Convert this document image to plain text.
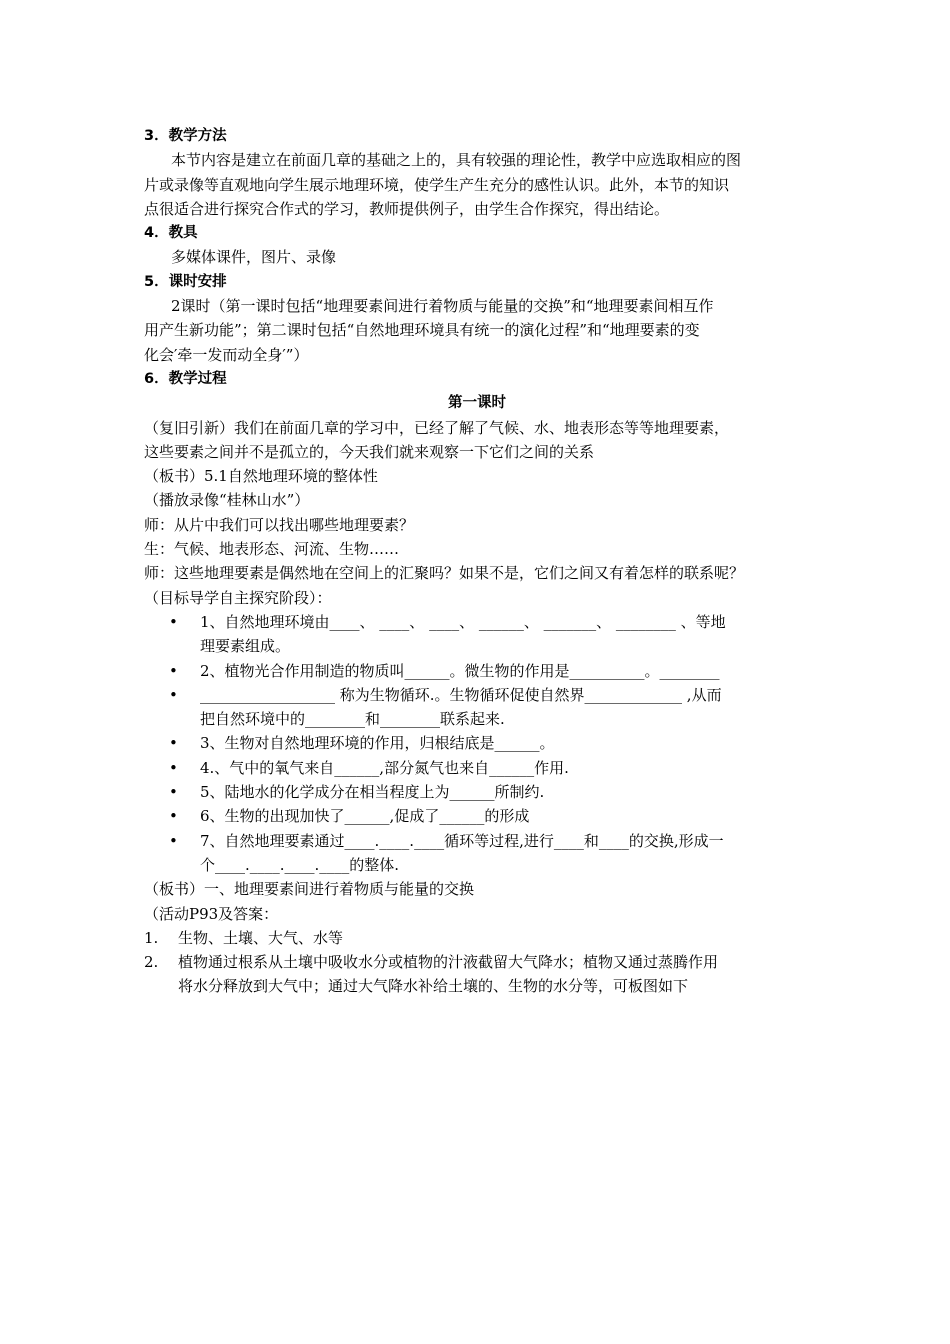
3．教学方法
本节内容是建立在前面几章的基础之上的，具有较强的理论性，教学中应选取相应的图
片或录像等直观地向学生展示地理环境，使学生产生充分的感性认识。此外，本节的知识
点很适合进行探究合作式的学习，教师提供例子，由学生合作探究，得出结论。
4．教具
多媒体课件，图片、录像
5．课时安排
2课时（第一课时包括“地理要素间进行着物质与能量的交换”和“地理要素间相互作
用产生新功能”；第二课时包括“自然地理环境具有统一的演化过程”和“地理要素的变
化会′牵一发而动全身′”）
6．教学过程
第一课时
（复旧引新）我们在前面几章的学习中，已经了解了气候、水、地表形态等等地理要素，
这些要素之间并不是孤立的，今天我们就来观察一下它们之间的关系
（板书）5.1自然地理环境的整体性
（播放录像“桂林山水”）
师：从片中我们可以找出哪些地理要素？
生：气候、地表形态、河流、生物……
师：这些地理要素是偶然地在空间上的汇聚吗？如果不是，它们之间又有着怎样的联系呢？
（目标导学自主探究阶段）：
•	1、自然地理环境由____、 ____、 ____、 ______、 _______、 ________ 、等地
理要素组成。
•	2、植物光合作用制造的物质叫______。微生物的作用是__________。________
•	__________________ 称为生物循环.。生物循环促使自然界_____________ ,从而
把自然环境中的________和________联系起来.
•	3、生物对自然地理环境的作用，归根结底是______。
•	4.、气中的氧气来自______,部分氮气也来自______作用.
•	5、陆地水的化学成分在相当程度上为______所制约.
•	6、生物的出现加快了______,促成了______的形成
•	7、自然地理要素通过____.____.____循环等过程,进行____和____的交换,形成一
个____.____.____.____的整体.
（板书）一、地理要素间进行着物质与能量的交换
（活动P93及答案：
1.	生物、土壤、大气、水等
2.	植物通过根系从土壤中吸收水分或植物的汁液截留大气降水；植物又通过蒸腾作用
将水分释放到大气中；通过大气降水补给土壤的、生物的水分等，可板图如下
